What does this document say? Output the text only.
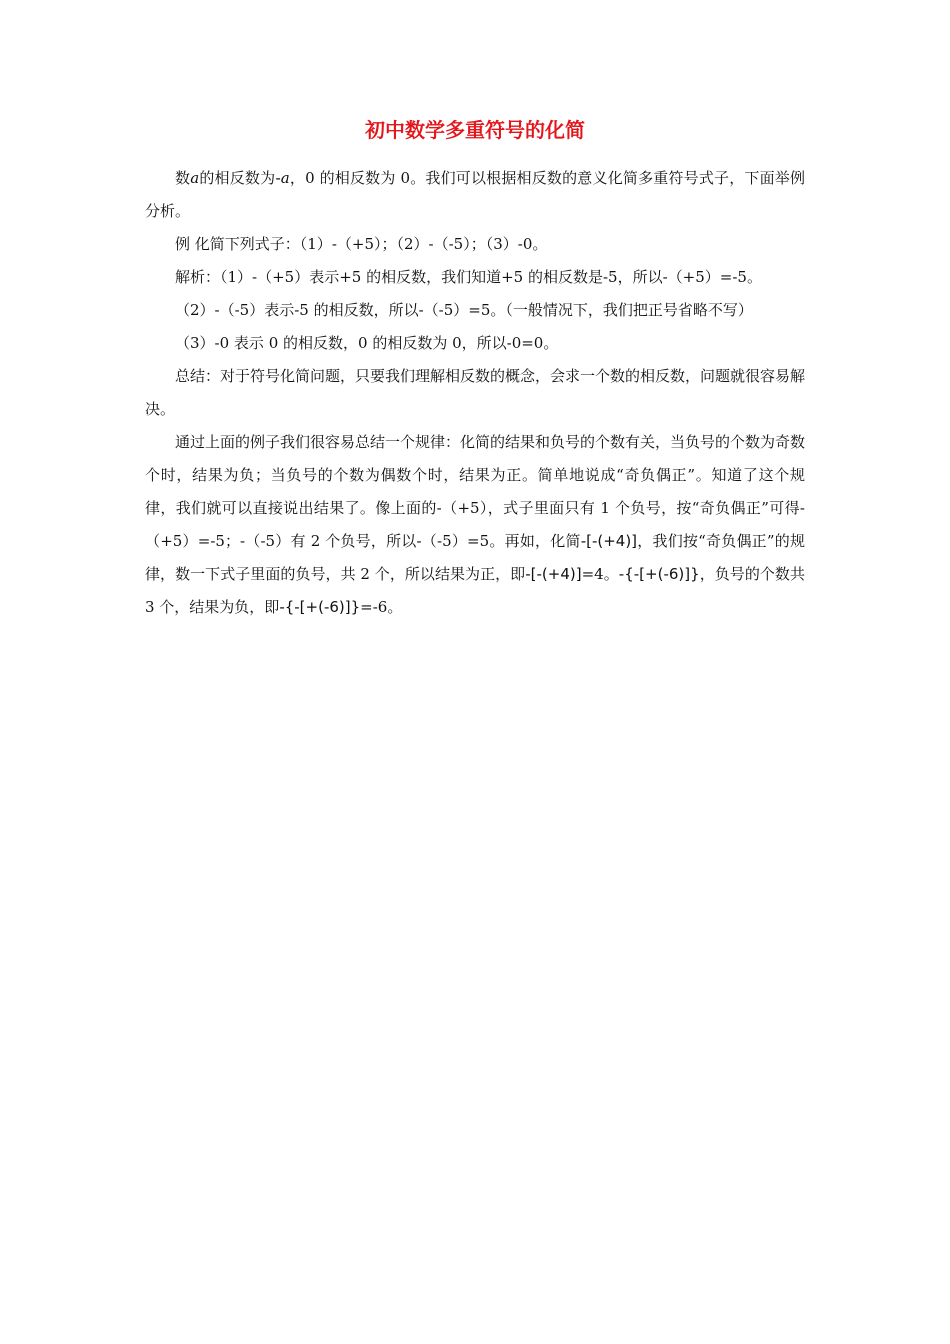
初中数学多重符号的化简

数a的相反数为-a，0 的相反数为 0。我们可以根据相反数的意义化简多重符号式子，下面举例分析。

例 化简下列式子：（1）-（+5）；（2）-（-5）；（3）-0。

解析：（1）-（+5）表示+5 的相反数，我们知道+5 的相反数是-5，所以-（+5）=-5。

（2）-（-5）表示-5 的相反数，所以-（-5）=5。（一般情况下，我们把正号省略不写）

（3）-0 表示 0 的相反数，0 的相反数为 0，所以-0=0。

总结：对于符号化简问题，只要我们理解相反数的概念，会求一个数的相反数，问题就很容易解决。

通过上面的例子我们很容易总结一个规律：化简的结果和负号的个数有关，当负号的个数为奇数个时，结果为负；当负号的个数为偶数个时，结果为正。简单地说成“奇负偶正”。知道了这个规律，我们就可以直接说出结果了。像上面的-（+5），式子里面只有 1 个负号，按“奇负偶正”可得-（+5）=-5；-（-5）有 2 个负号，所以-（-5）=5。再如，化简-[-(+4)]，我们按“奇负偶正”的规律，数一下式子里面的负号，共 2 个，所以结果为正，即-[-(+4)]=4。-{-[+(-6)]}，负号的个数共 3 个，结果为负，即-{-[+(-6)]}=-6。
